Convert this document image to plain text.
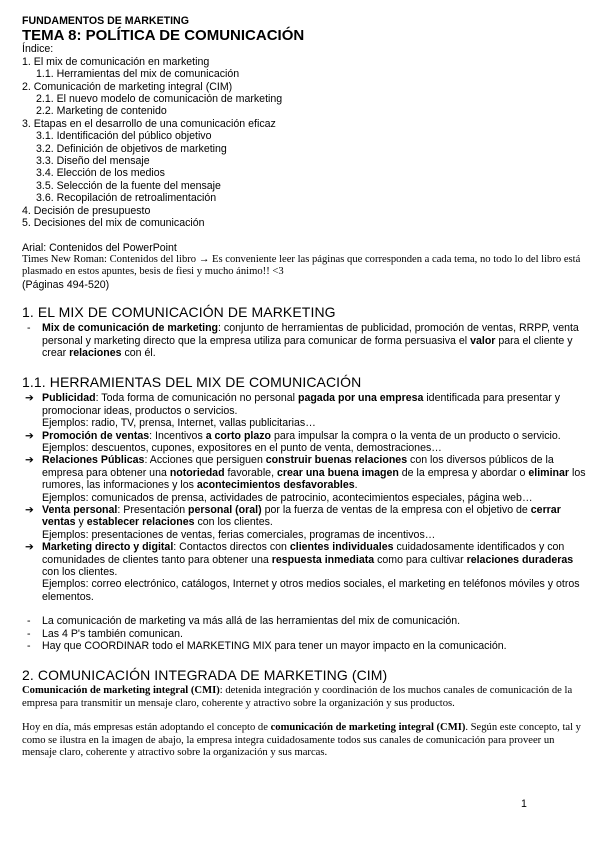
FUNDAMENTOS DE MARKETING
TEMA 8: POLÍTICA DE COMUNICACIÓN
Índice:
1. El mix de comunicación en marketing
1.1. Herramientas del mix de comunicación
2. Comunicación de marketing integral (CIM)
2.1. El nuevo modelo de comunicación de marketing
2.2. Marketing de contenido
3. Etapas en el desarrollo de una comunicación eficaz
3.1. Identificación del público objetivo
3.2. Definición de objetivos de marketing
3.3. Diseño del mensaje
3.4. Elección de los medios
3.5. Selección de la fuente del mensaje
3.6. Recopilación de retroalimentación
4. Decisión de presupuesto
5. Decisiones del mix de comunicación
Arial: Contenidos del PowerPoint
Times New Roman: Contenidos del libro → Es conveniente leer las páginas que corresponden a cada tema, no todo lo del libro está plasmado en estos apuntes, besis de fiesi y mucho ánimo!! <3
(Páginas 494-520)
1. EL MIX DE COMUNICACIÓN DE MARKETING
-	Mix de comunicación de marketing: conjunto de herramientas de publicidad, promoción de ventas, RRPP, venta personal y marketing directo que la empresa utiliza para comunicar de forma persuasiva el valor para el cliente y crear relaciones con él.
1.1. HERRAMIENTAS DEL MIX DE COMUNICACIÓN
➔ Publicidad: Toda forma de comunicación no personal pagada por una empresa identificada para presentar y promocionar ideas, productos o servicios.
Ejemplos: radio, TV, prensa, Internet, vallas publicitarias…
➔ Promoción de ventas: Incentivos a corto plazo para impulsar la compra o la venta de un producto o servicio.
Ejemplos: descuentos, cupones, expositores en el punto de venta, demostraciones…
➔ Relaciones Públicas: Acciones que persiguen construir buenas relaciones con los diversos públicos de la empresa para obtener una notoriedad favorable, crear una buena imagen de la empresa y abordar o eliminar los rumores, las informaciones y los acontecimientos desfavorables.
Ejemplos: comunicados de prensa, actividades de patrocinio, acontecimientos especiales, página web…
➔ Venta personal: Presentación personal (oral) por la fuerza de ventas de la empresa con el objetivo de cerrar ventas y establecer relaciones con los clientes.
Ejemplos: presentaciones de ventas, ferias comerciales, programas de incentivos…
➔ Marketing directo y digital: Contactos directos con clientes individuales cuidadosamente identificados y con comunidades de clientes tanto para obtener una respuesta inmediata como para cultivar relaciones duraderas con los clientes.
Ejemplos: correo electrónico, catálogos, Internet y otros medios sociales, el marketing en teléfonos móviles y otros elementos.
-	La comunicación de marketing va más allá de las herramientas del mix de comunicación.
-	Las 4 P's también comunican.
-	Hay que COORDINAR todo el MARKETING MIX para tener un mayor impacto en la comunicación.
2. COMUNICACIÓN INTEGRADA DE MARKETING (CIM)
Comunicación de marketing integral (CMI): detenida integración y coordinación de los muchos canales de comunicación de la empresa para transmitir un mensaje claro, coherente y atractivo sobre la organización y sus productos.
Hoy en día, más empresas están adoptando el concepto de comunicación de marketing integral (CMI). Según este concepto, tal y como se ilustra en la imagen de abajo, la empresa integra cuidadosamente todos sus canales de comunicación para proveer un mensaje claro, coherente y atractivo sobre la organización y sus marcas.
1
